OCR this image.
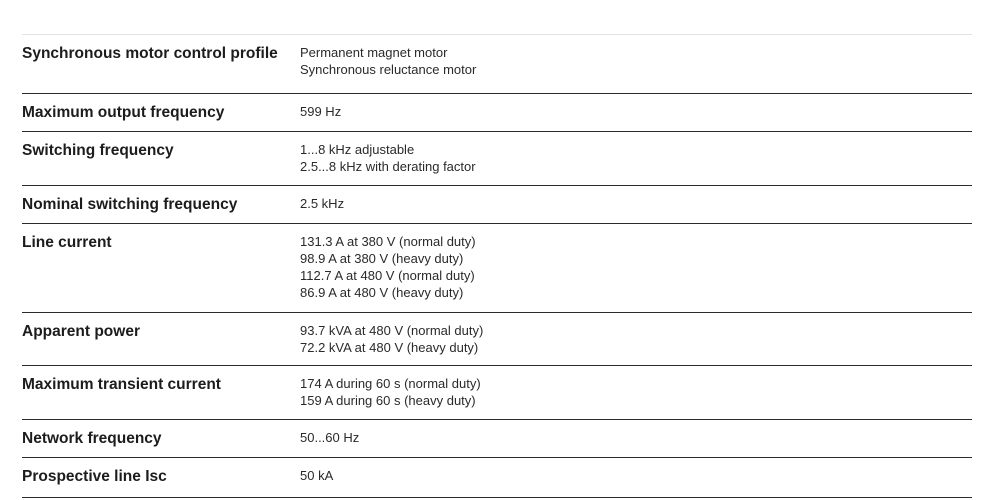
Synchronous motor control profile	Permanent magnet motor
Synchronous reluctance motor
Maximum output frequency	599 Hz
Switching frequency	1...8 kHz adjustable
2.5...8 kHz with derating factor
Nominal switching frequency	2.5 kHz
Line current	131.3 A at 380 V (normal duty)
98.9 A at 380 V (heavy duty)
112.7 A at 480 V (normal duty)
86.9 A at 480 V (heavy duty)
Apparent power	93.7 kVA at 480 V (normal duty)
72.2 kVA at 480 V (heavy duty)
Maximum transient current	174 A during 60 s (normal duty)
159 A during 60 s (heavy duty)
Network frequency	50...60 Hz
Prospective line Isc	50 kA
